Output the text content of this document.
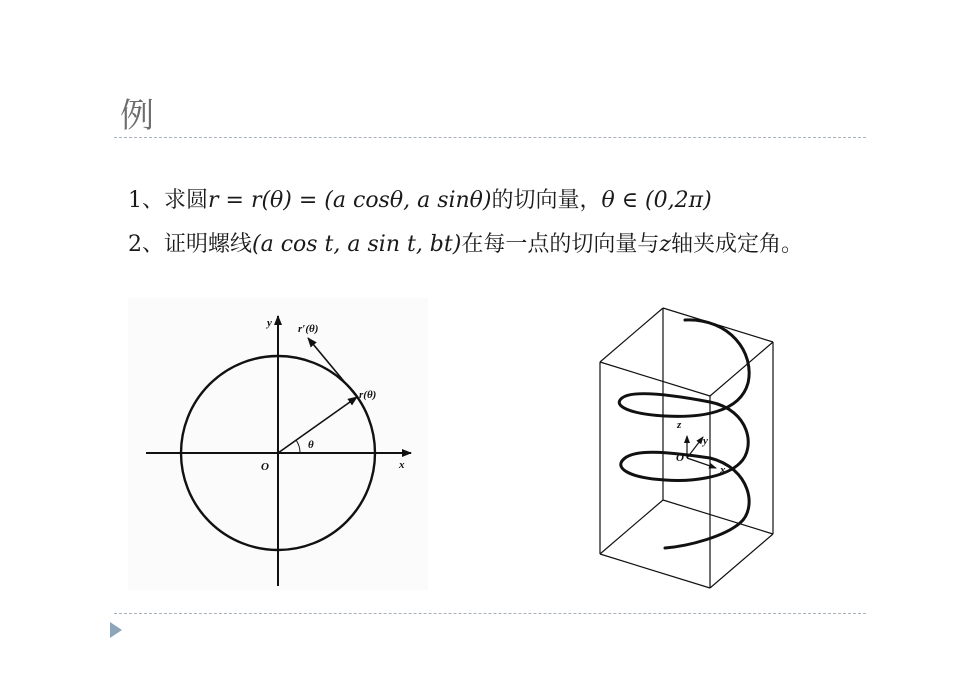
例
1、求圆r = r(θ) = (a cosθ, a sinθ)的切向量，θ ∈ (0,2π)
2、证明螺线(a cos t, a sin t, bt)在每一点的切向量与z轴夹成定角。
y r′(θ)
r(θ)
θ
O	x
z
y
O
x
